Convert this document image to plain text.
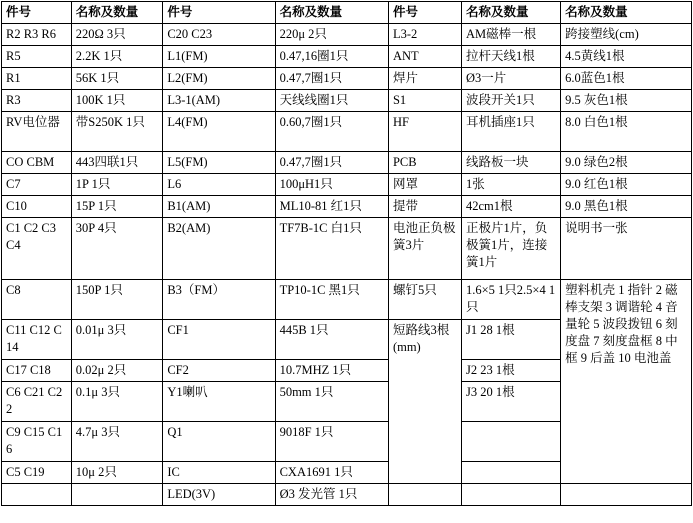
件号	名称及数量	件号	名称及数量	件号	名称及数量	名称及数量
R2 R3 R6	220Ω 3只	C20 C23	220μ 2只	L3-2	AM磁棒一根	跨接塑线(cm)
R5	2.2K 1只	L1(FM)	0.47,16圈1只	ANT	拉杆天线1根	4.5黄线1根
R1	56K 1只	L2(FM)	0.47,7圈1只	焊片	Ø3一片	6.0蓝色1根
R3	100K 1只	L3-1(AM)	天线线圈1只	S1	波段开关1只	9.5 灰色1根
RV电位器	带S250K 1只	L4(FM)	0.60,7圈1只	HF	耳机插座1只	8.0 白色1根
CO CBM	443四联1只	L5(FM)	0.47,7圈1只	PCB	线路板一块	9.0 绿色2根
C7	1P 1只	L6	100μH1只	网罩	1张	9.0 红色1根
C10	15P 1只	B1(AM)	ML10-81 红1只	提带	42cm1根	9.0 黑色1根
C1 C2 C3 C4	30P 4只	B2(AM)	TF7B-1C 白1只	电池正负极簧3片	正极片1片，负极簧1片，连接簧1片	说明书一张
C8	150P 1只	B3（FM）	TP10-1C 黑1只	螺钉5只	1.6×5 1只2.5×4 1只	塑料机壳 1 指针 2 磁棒支架 3 调谐轮 4 音量轮 5 波段拨钮 6 刻度盘 7 刻度盘框 8 中框 9 后盖 10 电池盖
C11 C12 C14	0.01μ 3只	CF1	445B 1只	短路线3根(mm)	J1 28 1根	
C17 C18	0.02μ 2只	CF2	10.7MHZ 1只		J2 23 1根	
C6 C21 C22	0.1μ 3只	Y1喇叭	50mm 1只		J3 20 1根	
C9 C15 C16	4.7μ 3只	Q1	9018F 1只			
C5 C19	10μ 2只	IC	CXA1691 1只			
		LED(3V)	Ø3 发光管 1只			
